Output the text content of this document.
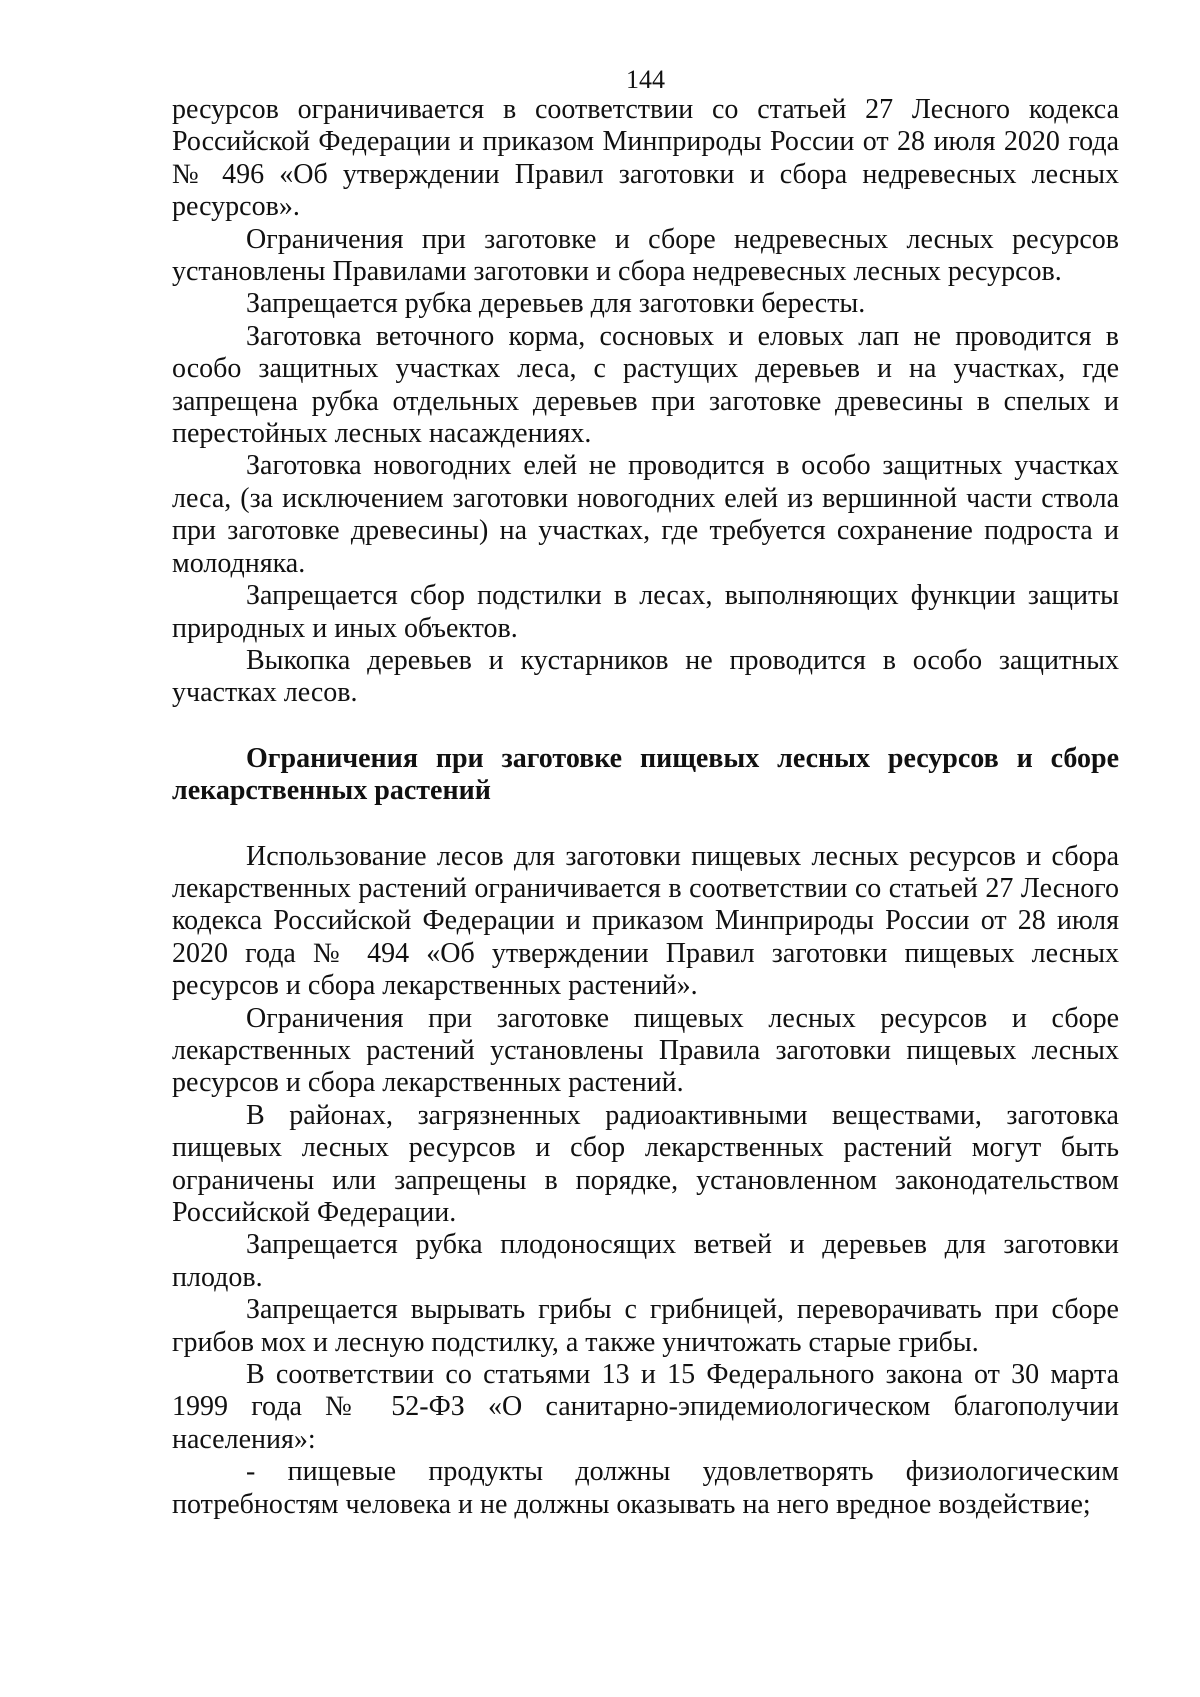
144

ресурсов ограничивается в соответствии со статьей 27 Лесного кодекса Российской Федерации и приказом Минприроды России от 28 июля 2020 года № 496 «Об утверждении Правил заготовки и сбора недревесных лесных ресурсов».

Ограничения при заготовке и сборе недревесных лесных ресурсов установлены Правилами заготовки и сбора недревесных лесных ресурсов.

Запрещается рубка деревьев для заготовки бересты.

Заготовка веточного корма, сосновых и еловых лап не проводится в особо защитных участках леса, с растущих деревьев и на участках, где запрещена рубка отдельных деревьев при заготовке древесины в спелых и перестойных лесных насаждениях.

Заготовка новогодних елей не проводится в особо защитных участках леса, (за исключением заготовки новогодних елей из вершинной части ствола при заготовке древесины) на участках, где требуется сохранение подроста и молодняка.

Запрещается сбор подстилки в лесах, выполняющих функции защиты природных и иных объектов.

Выкопка деревьев и кустарников не проводится в особо защитных участках лесов.

Ограничения при заготовке пищевых лесных ресурсов и сборе лекарственных растений

Использование лесов для заготовки пищевых лесных ресурсов и сбора лекарственных растений ограничивается в соответствии со статьей 27 Лесного кодекса Российской Федерации и приказом Минприроды России от 28 июля 2020 года № 494 «Об утверждении Правил заготовки пищевых лесных ресурсов и сбора лекарственных растений».

Ограничения при заготовке пищевых лесных ресурсов и сборе лекарственных растений установлены Правила заготовки пищевых лесных ресурсов и сбора лекарственных растений.

В районах, загрязненных радиоактивными веществами, заготовка пищевых лесных ресурсов и сбор лекарственных растений могут быть ограничены или запрещены в порядке, установленном законодательством Российской Федерации.

Запрещается рубка плодоносящих ветвей и деревьев для заготовки плодов.

Запрещается вырывать грибы с грибницей, переворачивать при сборе грибов мох и лесную подстилку, а также уничтожать старые грибы.

В соответствии со статьями 13 и 15 Федерального закона от 30 марта 1999 года № 52-ФЗ «О санитарно-эпидемиологическом благополучии населения»:

- пищевые продукты должны удовлетворять физиологическим потребностям человека и не должны оказывать на него вредное воздействие;
